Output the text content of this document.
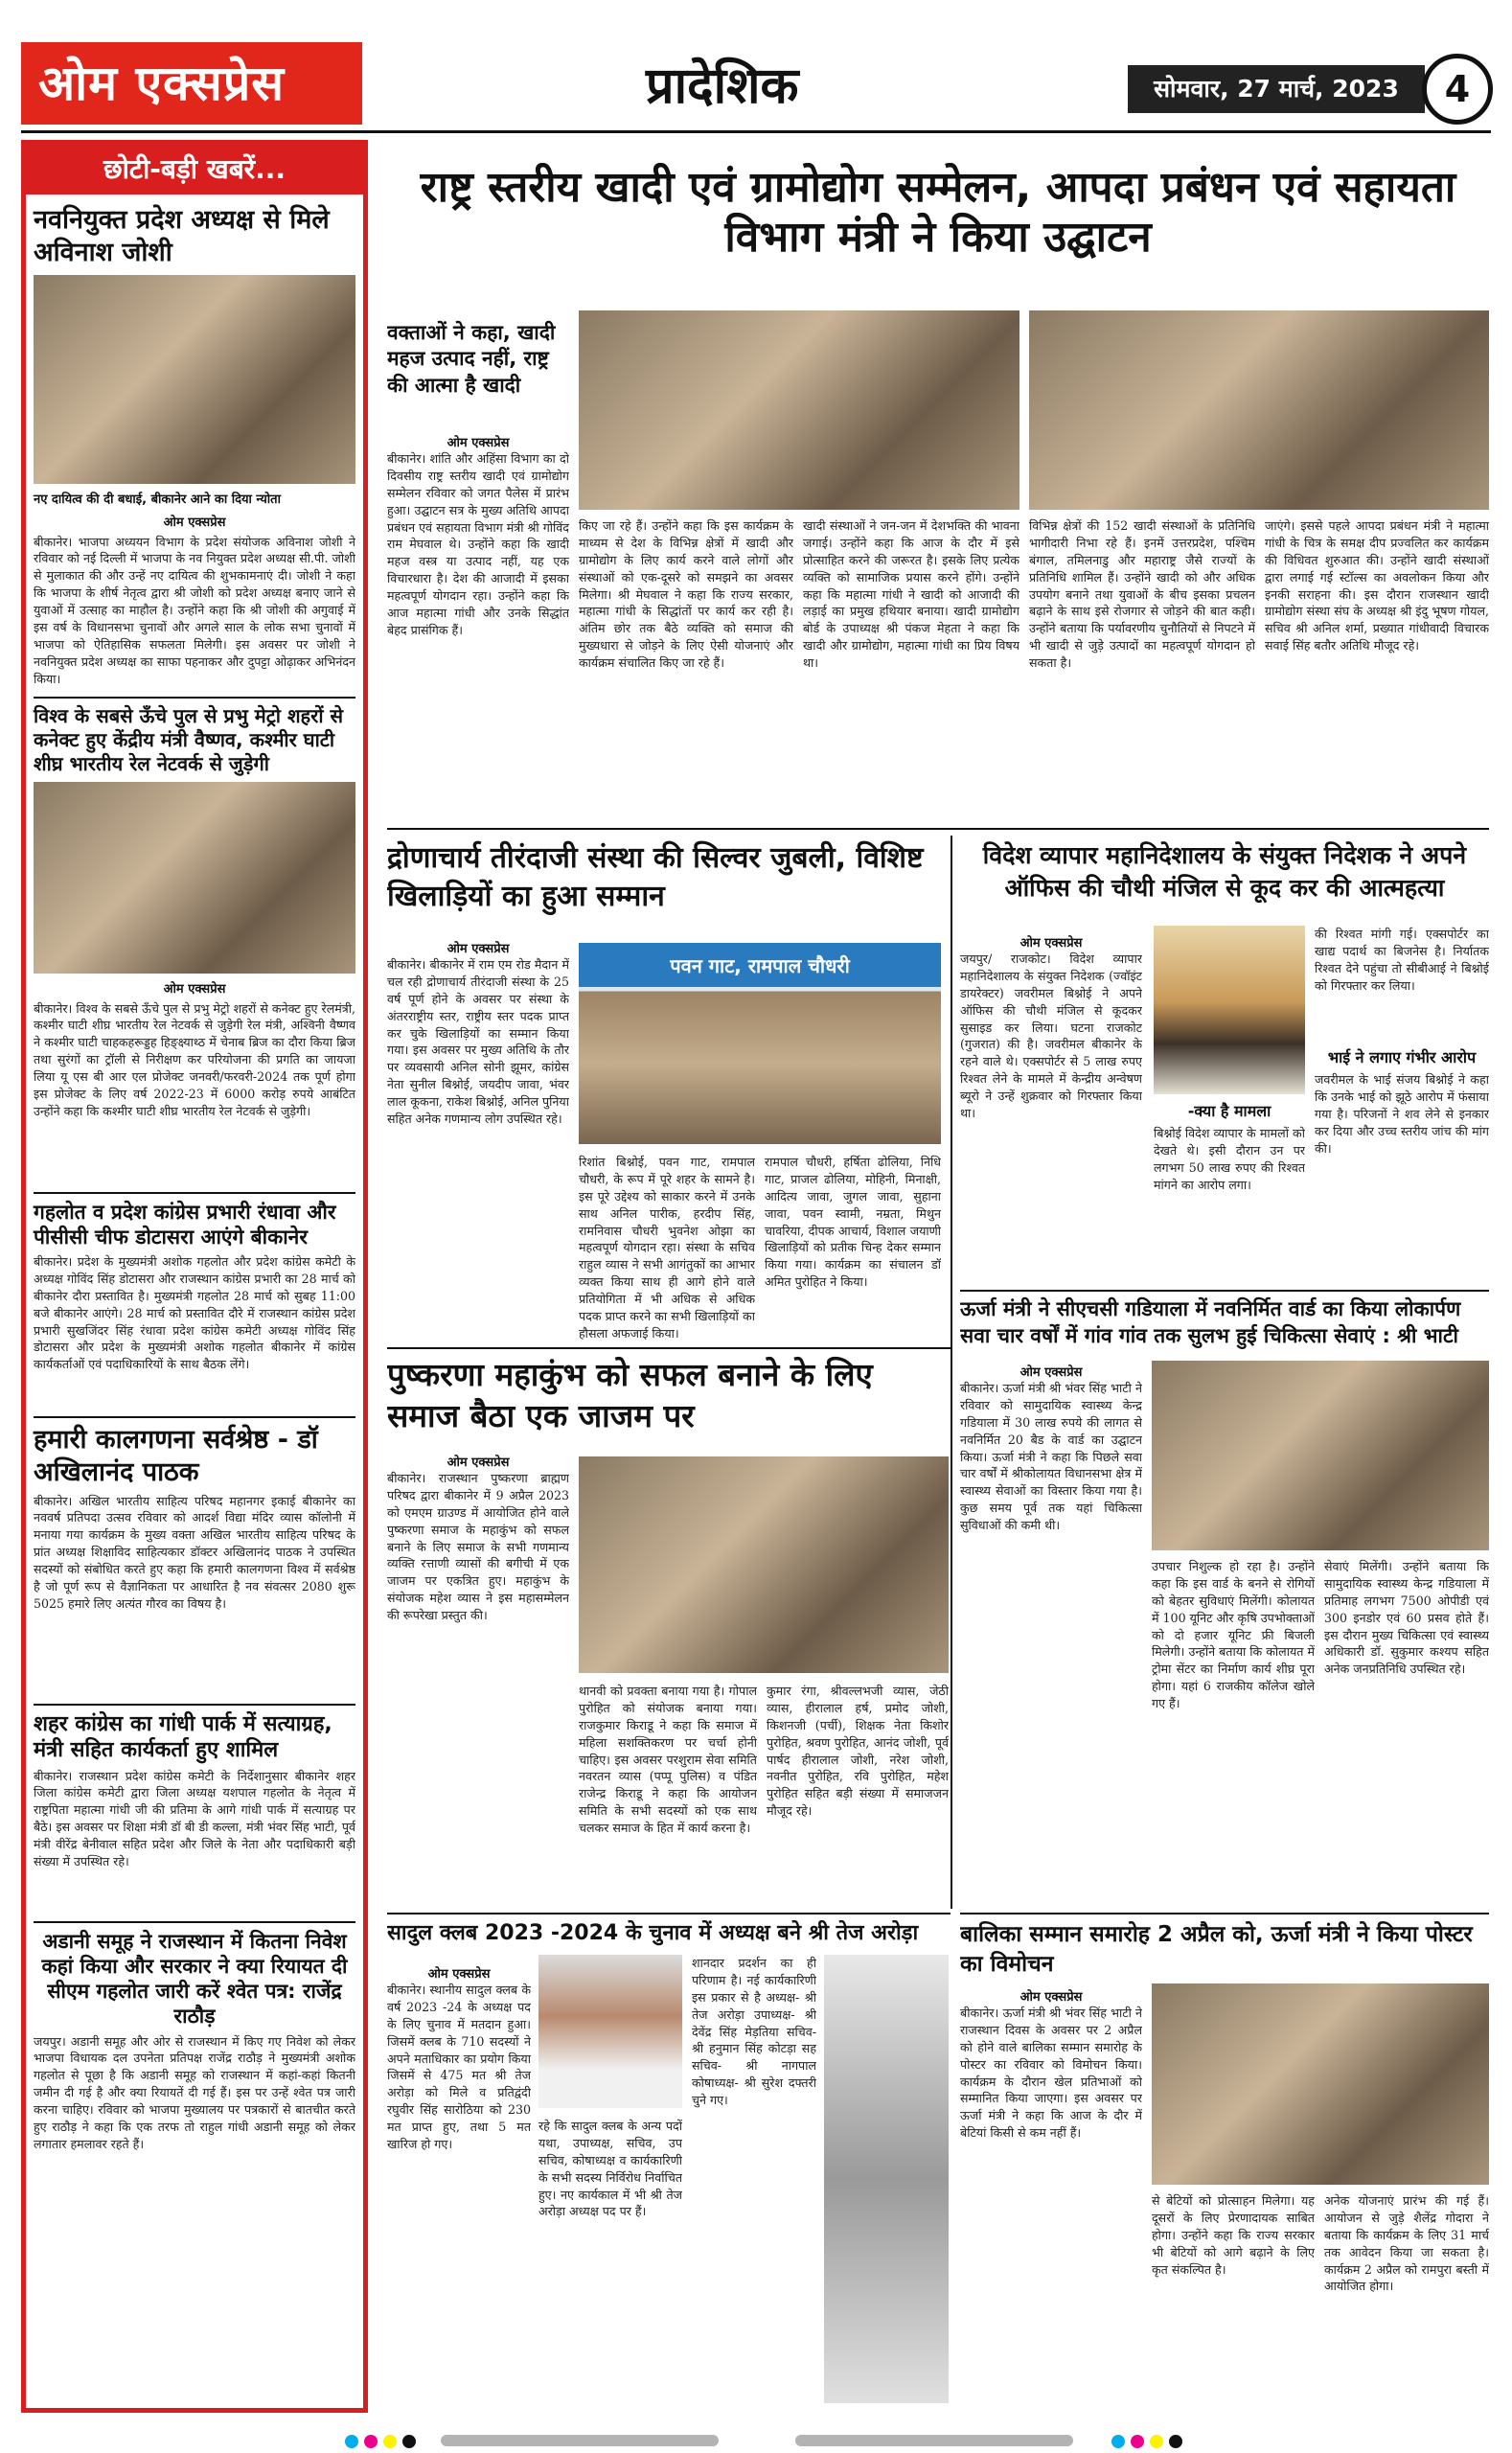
ओम एक्सप्रेस	प्रादेशिक	सोमवार, 27 मार्च, 2023	4
छोटी-बड़ी खबरें...
नवनियुक्त प्रदेश अध्यक्ष से मिले अविनाश जोशी
नए दायित्व की दी बधाई, बीकानेर आने का दिया न्योता
ओम एक्सप्रेस
बीकानेर। भाजपा अध्ययन विभाग के प्रदेश संयोजक अविनाश जोशी ने रविवार को नई दिल्ली में भाजपा के नव नियुक्त प्रदेश अध्यक्ष सी.पी. जोशी से मुलाकात की और उन्हें नए दायित्व की शुभकामनाएं दी। जोशी ने कहा कि भाजपा के शीर्ष नेतृत्व द्वारा श्री जोशी को प्रदेश अध्यक्ष बनाए जाने से युवाओं में उत्साह का माहौल है। उन्होंने कहा कि श्री जोशी की अगुवाई में इस वर्ष के विधानसभा चुनावों और अगले साल के लोक सभा चुनावों में भाजपा को ऐतिहासिक सफलता मिलेगी। इस अवसर पर जोशी ने नवनियुक्त प्रदेश अध्यक्ष का साफा पहनाकर और दुपट्टा ओढ़ाकर अभिनंदन किया।
विश्व के सबसे ऊँचे पुल से प्रभु मेट्रो शहरों से कनेक्ट हुए केंद्रीय मंत्री वैष्णव, कश्मीर घाटी शीघ्र भारतीय रेल नेटवर्क से जुड़ेगी
ओम एक्सप्रेस
बीकानेर। विश्व के सबसे ऊँचे पुल से प्रभु मेट्रो शहरों से कनेक्ट हुए रेलमंत्री, कश्मीर घाटी शीघ्र भारतीय रेल नेटवर्क से जुड़ेगी रेल मंत्री, अश्विनी वैष्णव ने कश्मीर घाटी चाहकहरूड्डह हिङ्क्ष्याथ्ठ में चेनाब ब्रिज का दौरा किया ब्रिज तथा सुरंगों का ट्रॉली से निरीक्षण कर परियोजना की प्रगति का जायजा लिया यू एस बी आर एल प्रोजेक्ट जनवरी/फरवरी-2024 तक पूर्ण होगा इस प्रोजेक्ट के लिए वर्ष 2022-23 में 6000 करोड़ रुपये आबंटित उन्होंने कहा कि कश्मीर घाटी शीघ्र भारतीय रेल नेटवर्क से जुड़ेगी।
गहलोत व प्रदेश कांग्रेस प्रभारी रंधावा और पीसीसी चीफ डोटासरा आएंगे बीकानेर
बीकानेर। प्रदेश के मुख्यमंत्री अशोक गहलोत और प्रदेश कांग्रेस कमेटी के अध्यक्ष गोविंद सिंह डोटासरा और राजस्थान कांग्रेस प्रभारी का 28 मार्च को बीकानेर दौरा प्रस्तावित है। मुख्यमंत्री गहलोत 28 मार्च को सुबह 11:00 बजे बीकानेर आएंगे। 28 मार्च को प्रस्तावित दौरे में राजस्थान कांग्रेस प्रदेश प्रभारी सुखजिंदर सिंह रंधावा प्रदेश कांग्रेस कमेटी अध्यक्ष गोविंद सिंह डोटासरा और प्रदेश के मुख्यमंत्री अशोक गहलोत बीकानेर में कांग्रेस कार्यकर्ताओं एवं पदाधिकारियों के साथ बैठक लेंगे।
हमारी कालगणना सर्वश्रेष्ठ - डॉ अखिलानंद पाठक
बीकानेर। अखिल भारतीय साहित्य परिषद महानगर इकाई बीकानेर का नववर्ष प्रतिपदा उत्सव रविवार को आदर्श विद्या मंदिर व्यास कॉलोनी में मनाया गया कार्यक्रम के मुख्य वक्ता अखिल भारतीय साहित्य परिषद के प्रांत अध्यक्ष शिक्षाविद साहित्यकार डॉक्टर अखिलानंद पाठक ने उपस्थित सदस्यों को संबोधित करते हुए कहा कि हमारी कालगणना विश्व में सर्वश्रेष्ठ है जो पूर्ण रूप से वैज्ञानिकता पर आधारित है नव संवत्सर 2080 शुरू 5025 हमारे लिए अत्यंत गौरव का विषय है।
शहर कांग्रेस का गांधी पार्क में सत्याग्रह, मंत्री सहित कार्यकर्ता हुए शामिल
बीकानेर। राजस्थान प्रदेश कांग्रेस कमेटी के निर्देशानुसार बीकानेर शहर जिला कांग्रेस कमेटी द्वारा जिला अध्यक्ष यशपाल गहलोत के नेतृत्व में राष्ट्रपिता महात्मा गांधी जी की प्रतिमा के आगे गांधी पार्क में सत्याग्रह पर बैठे। इस अवसर पर शिक्षा मंत्री डॉ बी डी कल्ला, मंत्री भंवर सिंह भाटी, पूर्व मंत्री वीरेंद्र बेनीवाल सहित प्रदेश और जिले के नेता और पदाधिकारी बड़ी संख्या में उपस्थित रहे।
अडानी समूह ने राजस्थान में कितना निवेश कहां किया और सरकार ने क्या रियायत दी सीएम गहलोत जारी करें श्वेत पत्र: राजेंद्र राठौड़
जयपुर। अडानी समूह और ओर से राजस्थान में किए गए निवेश को लेकर भाजपा विधायक दल उपनेता प्रतिपक्ष राजेंद्र राठौड़ ने मुख्यमंत्री अशोक गहलोत से पूछा है कि अडानी समूह को राजस्थान में कहां-कहां कितनी जमीन दी गई है और क्या रियायतें दी गई हैं। इस पर उन्हें श्वेत पत्र जारी करना चाहिए। रविवार को भाजपा मुख्यालय पर पत्रकारों से बातचीत करते हुए राठौड़ ने कहा कि एक तरफ तो राहुल गांधी अडानी समूह को लेकर लगातार हमलावर रहते हैं।
राष्ट्र स्तरीय खादी एवं ग्रामोद्योग सम्मेलन, आपदा प्रबंधन एवं सहायता विभाग मंत्री ने किया उद्घाटन
वक्ताओं ने कहा, खादी महज उत्पाद नहीं, राष्ट्र की आत्मा है खादी
ओम एक्सप्रेस
बीकानेर। शांति और अहिंसा विभाग का दो दिवसीय राष्ट्र स्तरीय खादी एवं ग्रामोद्योग सम्मेलन रविवार को जगत पैलेस में प्रारंभ हुआ। उद्घाटन सत्र के मुख्य अतिथि आपदा प्रबंधन एवं सहायता विभाग मंत्री श्री गोविंद राम मेघवाल थे। उन्होंने कहा कि खादी महज वस्त्र या उत्पाद नहीं, यह एक विचारधारा है। देश की आजादी में इसका महत्वपूर्ण योगदान रहा। उन्होंने कहा कि आज महात्मा गांधी और उनके सिद्धांत बेहद प्रासंगिक हैं।
किए जा रहे हैं। उन्होंने कहा कि इस कार्यक्रम के माध्यम से देश के विभिन्न क्षेत्रों में खादी और ग्रामोद्योग के लिए कार्य करने वाले लोगों और संस्थाओं को एक-दूसरे को समझने का अवसर मिलेगा। श्री मेघवाल ने कहा कि राज्य सरकार, महात्मा गांधी के सिद्धांतों पर कार्य कर रही है। अंतिम छोर तक बैठे व्यक्ति को समाज की मुख्यधारा से जोड़ने के लिए ऐसी योजनाएं और कार्यक्रम संचालित किए जा रहे हैं।
खादी संस्थाओं ने जन-जन में देशभक्ति की भावना जगाई। उन्होंने कहा कि आज के दौर में इसे प्रोत्साहित करने की जरूरत है। इसके लिए प्रत्येक व्यक्ति को सामाजिक प्रयास करने होंगे। उन्होंने कहा कि महात्मा गांधी ने खादी को आजादी की लड़ाई का प्रमुख हथियार बनाया। खादी ग्रामोद्योग बोर्ड के उपाध्यक्ष श्री पंकज मेहता ने कहा कि खादी और ग्रामोद्योग, महात्मा गांधी का प्रिय विषय था।
विभिन्न क्षेत्रों की 152 खादी संस्थाओं के प्रतिनिधि भागीदारी निभा रहे हैं। इनमें उत्तरप्रदेश, पश्चिम बंगाल, तमिलनाडु और महाराष्ट्र जैसे राज्यों के प्रतिनिधि शामिल हैं। उन्होंने खादी को और अधिक उपयोग बनाने तथा युवाओं के बीच इसका प्रचलन बढ़ाने के साथ इसे रोजगार से जोड़ने की बात कही। उन्होंने बताया कि पर्यावरणीय चुनौतियों से निपटने में भी खादी से जुड़े उत्पादों का महत्वपूर्ण योगदान हो सकता है।
जाएंगे। इससे पहले आपदा प्रबंधन मंत्री ने महात्मा गांधी के चित्र के समक्ष दीप प्रज्वलित कर कार्यक्रम की विधिवत शुरुआत की। उन्होंने खादी संस्थाओं द्वारा लगाई गई स्टॉल्स का अवलोकन किया और इनकी सराहना की। इस दौरान राजस्थान खादी ग्रामोद्योग संस्था संघ के अध्यक्ष श्री इंदु भूषण गोयल, सचिव श्री अनिल शर्मा, प्रख्यात गांधीवादी विचारक सवाई सिंह बतौर अतिथि मौजूद रहे।
द्रोणाचार्य तीरंदाजी संस्था की सिल्वर जुबली, विशिष्ट खिलाड़ियों का हुआ सम्मान
ओम एक्सप्रेस
बीकानेर। बीकानेर में राम एम रोड मैदान में चल रही द्रोणाचार्य तीरंदाजी संस्था के 25 वर्ष पूर्ण होने के अवसर पर संस्था के अंतरराष्ट्रीय स्तर, राष्ट्रीय स्तर पदक प्राप्त कर चुके खिलाड़ियों का सम्मान किया गया। इस अवसर पर मुख्य अतिथि के तौर पर व्यवसायी अनिल सोनी झूमर, कांग्रेस नेता सुनील बिश्नोई, जयदीप जावा, भंवर लाल कूकना, राकेश बिश्नोई, अनिल पुनिया सहित अनेक गणमान्य लोग उपस्थित रहे।
पवन गाट, रामपाल चौधरी
रिशांत बिश्नोई, पवन गाट, रामपाल चौधरी, के रूप में पूरे शहर के सामने है। इस पूरे उद्देश्य को साकार करने में उनके साथ अनिल पारीक, हरदीप सिंह, रामनिवास चौधरी भुवनेश ओझा का महत्वपूर्ण योगदान रहा। संस्था के सचिव राहुल व्यास ने सभी आगंतुकों का आभार व्यक्त किया साथ ही आगे होने वाले प्रतियोगिता में भी अधिक से अधिक पदक प्राप्त करने का सभी खिलाड़ियों का हौसला अफजाई किया।
रामपाल चौधरी, हर्षिता ढोलिया, निधि गाट, प्राजल ढोलिया, मोहिनी, मिनाक्षी, आदित्य जावा, जुगल जावा, सुहाना जावा, पवन स्वामी, नम्रता, मिथुन चावरिया, दीपक आचार्य, विशाल जयाणी खिलाड़ियों को प्रतीक चिन्ह देकर सम्मान किया गया। कार्यक्रम का संचालन डॉ अमित पुरोहित ने किया।
विदेश व्यापार महानिदेशालय के संयुक्त निदेशक ने अपने ऑफिस की चौथी मंजिल से कूद कर की आत्महत्या
ओम एक्सप्रेस
जयपुर/ राजकोट। विदेश व्यापार महानिदेशालय के संयुक्त निदेशक (ज्वॉइंट डायरेक्टर) जवरीमल बिश्नोई ने अपने ऑफिस की चौथी मंजिल से कूदकर सुसाइड कर लिया। घटना राजकोट (गुजरात) की है। जवरीमल बीकानेर के रहने वाले थे। एक्सपोर्टर से 5 लाख रुपए रिश्वत लेने के मामले में केन्द्रीय अन्वेषण ब्यूरो ने उन्हें शुक्रवार को गिरफ्तार किया था।
की रिश्वत मांगी गई। एक्सपोर्टर का खाद्य पदार्थ का बिजनेस है। निर्यातक रिश्वत देने पहुंचा तो सीबीआई ने बिश्नोई को गिरफ्तार कर लिया।
भाई ने लगाए गंभीर आरोप
जवरीमल के भाई संजय बिश्नोई ने कहा कि उनके भाई को झूठे आरोप में फंसाया गया है। परिजनों ने शव लेने से इनकार कर दिया और उच्च स्तरीय जांच की मांग की।
-क्या है मामला
बिश्नोई विदेश व्यापार के मामलों को देखते थे। इसी दौरान उन पर लगभग 50 लाख रुपए की रिश्वत मांगने का आरोप लगा।
ऊर्जा मंत्री ने सीएचसी गडियाला में नवनिर्मित वार्ड का किया लोकार्पण सवा चार वर्षों में गांव गांव तक सुलभ हुई चिकित्सा सेवाएं : श्री भाटी
ओम एक्सप्रेस
बीकानेर। ऊर्जा मंत्री श्री भंवर सिंह भाटी ने रविवार को सामुदायिक स्वास्थ्य केन्द्र गडियाला में 30 लाख रुपये की लागत से नवनिर्मित 20 बैड के वार्ड का उद्घाटन किया। ऊर्जा मंत्री ने कहा कि पिछले सवा चार वर्षों में श्रीकोलायत विधानसभा क्षेत्र में स्वास्थ्य सेवाओं का विस्तार किया गया है। कुछ समय पूर्व तक यहां चिकित्सा सुविधाओं की कमी थी।
उपचार निशुल्क हो रहा है। उन्होंने कहा कि इस वार्ड के बनने से रोगियों को बेहतर सुविधाएं मिलेंगी। कोलायत में 100 यूनिट और कृषि उपभोक्ताओं को दो हजार यूनिट फ्री बिजली मिलेगी। उन्होंने बताया कि कोलायत में ट्रोमा सेंटर का निर्माण कार्य शीघ्र पूरा होगा। यहां 6 राजकीय कॉलेज खोले गए हैं।
सेवाएं मिलेंगी। उन्होंने बताया कि सामुदायिक स्वास्थ्य केन्द्र गडियाला में प्रतिमाह लगभग 7500 ओपीडी एवं 300 इनडोर एवं 60 प्रसव होते हैं। इस दौरान मुख्य चिकित्सा एवं स्वास्थ्य अधिकारी डॉ. सुकुमार कश्यप सहित अनेक जनप्रतिनिधि उपस्थित रहे।
पुष्करणा महाकुंभ को सफल बनाने के लिए समाज बैठा एक जाजम पर
ओम एक्सप्रेस
बीकानेर। राजस्थान पुष्करणा ब्राह्मण परिषद द्वारा बीकानेर में 9 अप्रैल 2023 को एमएम ग्राउण्ड में आयोजित होने वाले पुष्करणा समाज के महाकुंभ को सफल बनाने के लिए समाज के सभी गणमान्य व्यक्ति रत्ताणी व्यासों की बगीची में एक जाजम पर एकत्रित हुए। महाकुंभ के संयोजक महेश व्यास ने इस महासम्मेलन की रूपरेखा प्रस्तुत की।
थानवी को प्रवक्ता बनाया गया है। गोपाल पुरोहित को संयोजक बनाया गया। राजकुमार किराडू ने कहा कि समाज में महिला सशक्तिकरण पर चर्चा होनी चाहिए। इस अवसर परशुराम सेवा समिति नवरतन व्यास (पप्पू पुलिस) व पंडित राजेन्द्र किराडू ने कहा कि आयोजन समिति के सभी सदस्यों को एक साथ चलकर समाज के हित में कार्य करना है।
कुमार रंगा, श्रीवल्लभजी व्यास, जेठी व्यास, हीरालाल हर्ष, प्रमोद जोशी, किशनजी (पर्ची), शिक्षक नेता किशोर पुरोहित, श्रवण पुरोहित, आनंद जोशी, पूर्व पार्षद हीरालाल जोशी, नरेश जोशी, नवनीत पुरोहित, रवि पुरोहित, महेश पुरोहित सहित बड़ी संख्या में समाजजन मौजूद रहे।
सादुल क्लब 2023 -2024 के चुनाव में अध्यक्ष बने श्री तेज अरोड़ा
ओम एक्सप्रेस
बीकानेर। स्थानीय सादुल क्लब के वर्ष 2023 -24 के अध्यक्ष पद के लिए चुनाव में मतदान हुआ। जिसमें क्लब के 710 सदस्यों ने अपने मताधिकार का प्रयोग किया जिसमें से 475 मत श्री तेज अरोड़ा को मिले व प्रतिद्वंदी रघुवीर सिंह सारोठिया को 230 मत प्राप्त हुए, तथा 5 मत खारिज हो गए।
रहे कि सादुल क्लब के अन्य पदों यथा, उपाध्यक्ष, सचिव, उप सचिव, कोषाध्यक्ष व कार्यकारिणी के सभी सदस्य निर्विरोध निर्वाचित हुए। नए कार्यकाल में भी श्री तेज अरोड़ा अध्यक्ष पद पर हैं।
शानदार प्रदर्शन का ही परिणाम है। नई कार्यकारिणी इस प्रकार से है अध्यक्ष- श्री तेज अरोड़ा उपाध्यक्ष- श्री देवेंद्र सिंह मेड़तिया सचिव- श्री हनुमान सिंह कोटड़ा सह सचिव- श्री नागपाल कोषाध्यक्ष- श्री सुरेश दफ्तरी चुने गए।
बालिका सम्मान समारोह 2 अप्रैल को, ऊर्जा मंत्री ने किया पोस्टर का विमोचन
ओम एक्सप्रेस
बीकानेर। ऊर्जा मंत्री श्री भंवर सिंह भाटी ने राजस्थान दिवस के अवसर पर 2 अप्रैल को होने वाले बालिका सम्मान समारोह के पोस्टर का रविवार को विमोचन किया। कार्यक्रम के दौरान खेल प्रतिभाओं को सम्मानित किया जाएगा। इस अवसर पर ऊर्जा मंत्री ने कहा कि आज के दौर में बेटियां किसी से कम नहीं हैं।
से बेटियों को प्रोत्साहन मिलेगा। यह दूसरों के लिए प्रेरणादायक साबित होगा। उन्होंने कहा कि राज्य सरकार भी बेटियों को आगे बढ़ाने के लिए कृत संकल्पित है।
अनेक योजनाएं प्रारंभ की गई हैं। आयोजन से जुड़े शैलेंद्र गोदारा ने बताया कि कार्यक्रम के लिए 31 मार्च तक आवेदन किया जा सकता है। कार्यक्रम 2 अप्रैल को रामपुरा बस्ती में आयोजित होगा।
